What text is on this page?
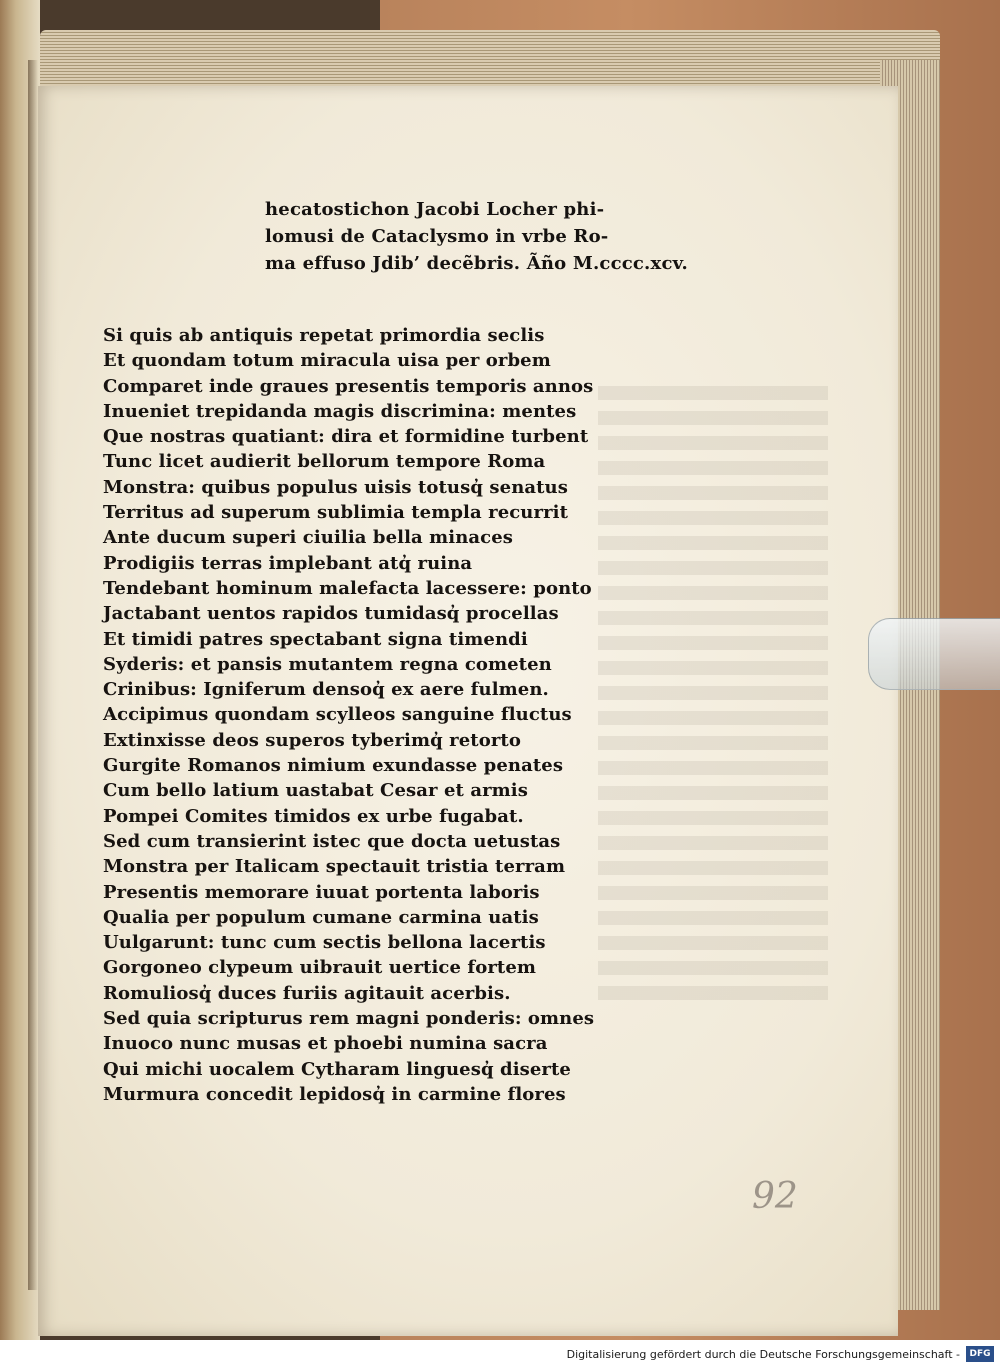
hecatostichon Jacobi Locher phi-
lomusi de Cataclysmo in vrbe Ro-
ma effuso Jdib’ decẽbris. Ãño M.cccc.xcv.
Si quis ab antiquis repetat primordia seclis
Et quondam totum miracula uisa per orbem
Comparet inde graues presentis temporis annos
Inueniet trepidanda magis discrimina: mentes
Que nostras quatiant: dira et formidine turbent
Tunc licet audierit bellorum tempore Roma
Monstra: quibus populus uisis totusq̓ senatus
Territus ad superum sublimia templa recurrit
Ante ducum superi ciuilia bella minaces
Prodigiis terras implebant atq̓ ruina
Tendebant hominum malefacta lacessere: ponto
Jactabant uentos rapidos tumidasq̓ procellas
Et timidi patres spectabant signa timendi
Syderis: et pansis mutantem regna cometen
Crinibus: Igniferum densoq̓ ex aere fulmen.
Accipimus quondam scylleos sanguine fluctus
Extinxisse deos superos tyberimq̓ retorto
Gurgite Romanos nimium exundasse penates
Cum bello latium uastabat Cesar et armis
Pompei Comites timidos ex urbe fugabat.
Sed cum transierint istec que docta uetustas
Monstra per Italicam spectauit tristia terram
Presentis memorare iuuat portenta laboris
Qualia per populum cumane carmina uatis
Uulgarunt: tunc cum sectis bellona lacertis
Gorgoneo clypeum uibrauit uertice fortem
Romuliosq̓ duces furiis agitauit acerbis.
Sed quia scripturus rem magni ponderis: omnes
Inuoco nunc musas et phoebi numina sacra
Qui michi uocalem Cytharam linguesq̓ diserte
Murmura concedit lepidosq̓ in carmine flores
92
Digitalisierung gefördert durch die Deutsche Forschungsgemeinschaft -	DFG
